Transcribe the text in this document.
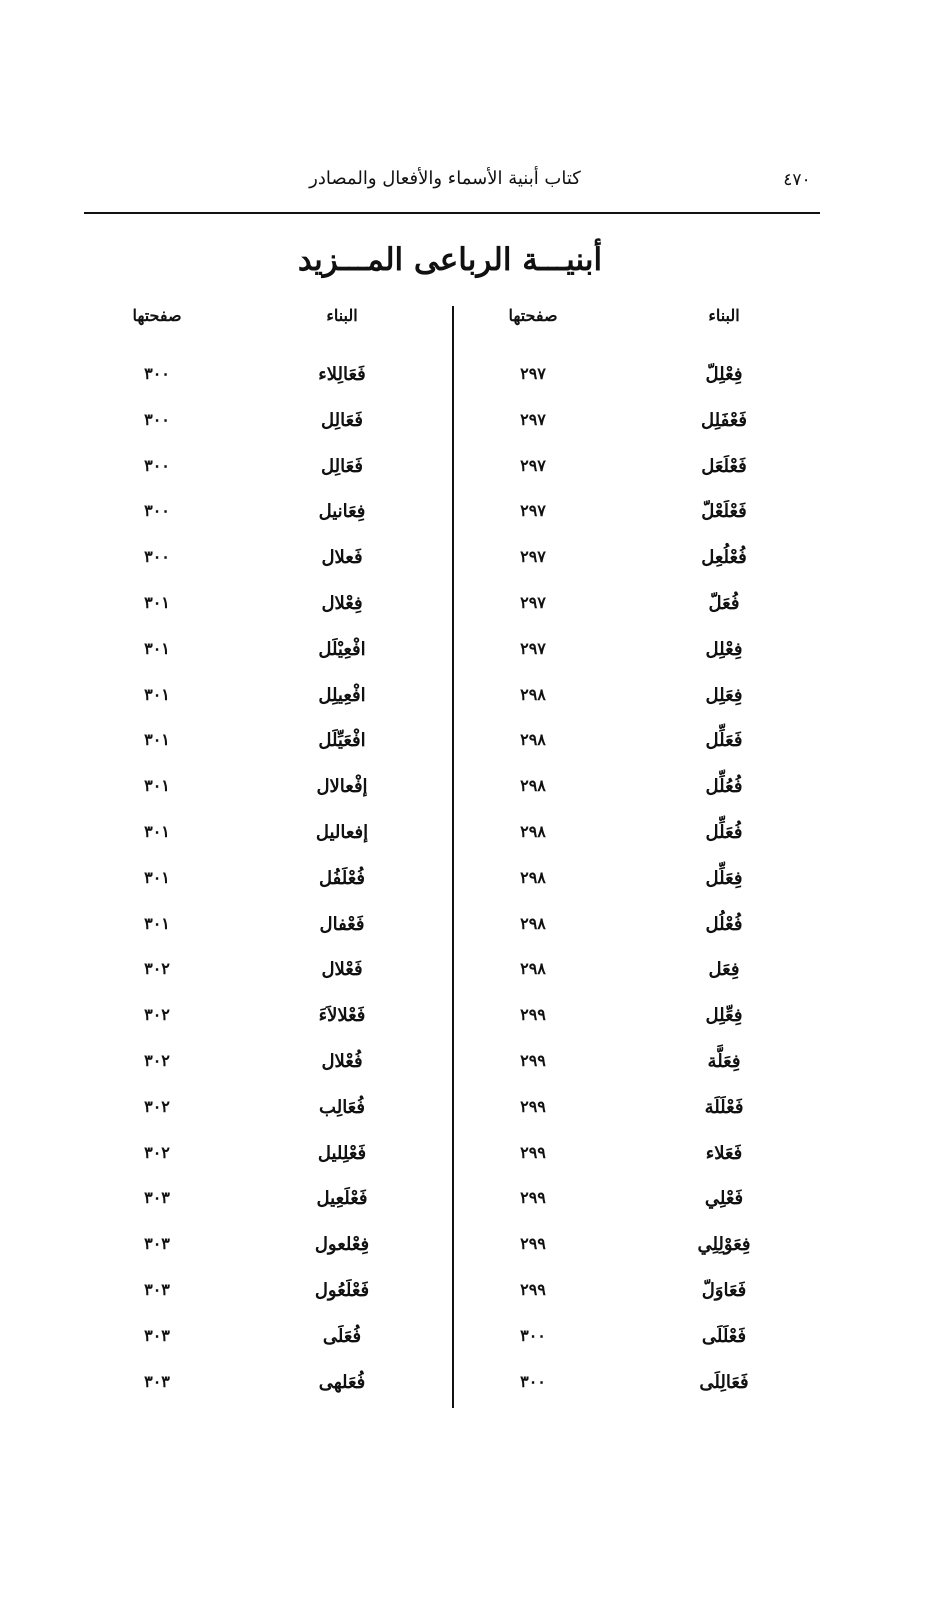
كتاب أبنية الأسماء والأفعال والمصادر	٤٧٠
أبنيـــة الرباعى المـــزيد
البناء
صفحتها
البناء
صفحتها
فِعْلِلّ
٢٩٧
فَعَالِلاء
٣٠٠
فَعْفَلِل
٢٩٧
فَعَالِل
٣٠٠
فَعْلَعَل
٢٩٧
فَعَالِل
٣٠٠
فَعْلَعْلّ
٢٩٧
فِعَانيل
٣٠٠
فُعْلُعِل
٢٩٧
فَعلال
٣٠٠
فُعَلّ
٢٩٧
فِعْلال
٣٠١
فِعْلِل
٢٩٧
افْعِيْلَل
٣٠١
فِعَلِل
٢٩٨
افْعِيلِل
٣٠١
فَعَلِّل
٢٩٨
افْعَيِّلَل
٣٠١
فُعُلِّل
٢٩٨
إفْعالال
٣٠١
فُعَلِّل
٢٩٨
إفعاليل
٣٠١
فِعَلِّل
٢٩٨
فُعْلَفُل
٣٠١
فُعْلُل
٢٩٨
فَعْفال
٣٠١
فِعَل
٢٩٨
فَعْلال
٣٠٢
فِعِّلِل
٢٩٩
فَعْلالاَءَ
٣٠٢
فِعَلَّة
٢٩٩
فُعْلال
٣٠٢
فَعْلَلَة
٢٩٩
فُعَالِب
٣٠٢
فَعَلاء
٢٩٩
فَعْلِليل
٣٠٢
فَعْلِي
٢٩٩
فَعْلَعِيل
٣٠٣
فِعَوْلِلِي
٢٩٩
فِعْلعول
٣٠٣
فَعَاوَلّ
٢٩٩
فَعْلَعُول
٣٠٣
فَعْلَلَى
٣٠٠
فُعَلَى
٣٠٣
فَعَالِلَى
٣٠٠
فُعَلهى
٣٠٣
